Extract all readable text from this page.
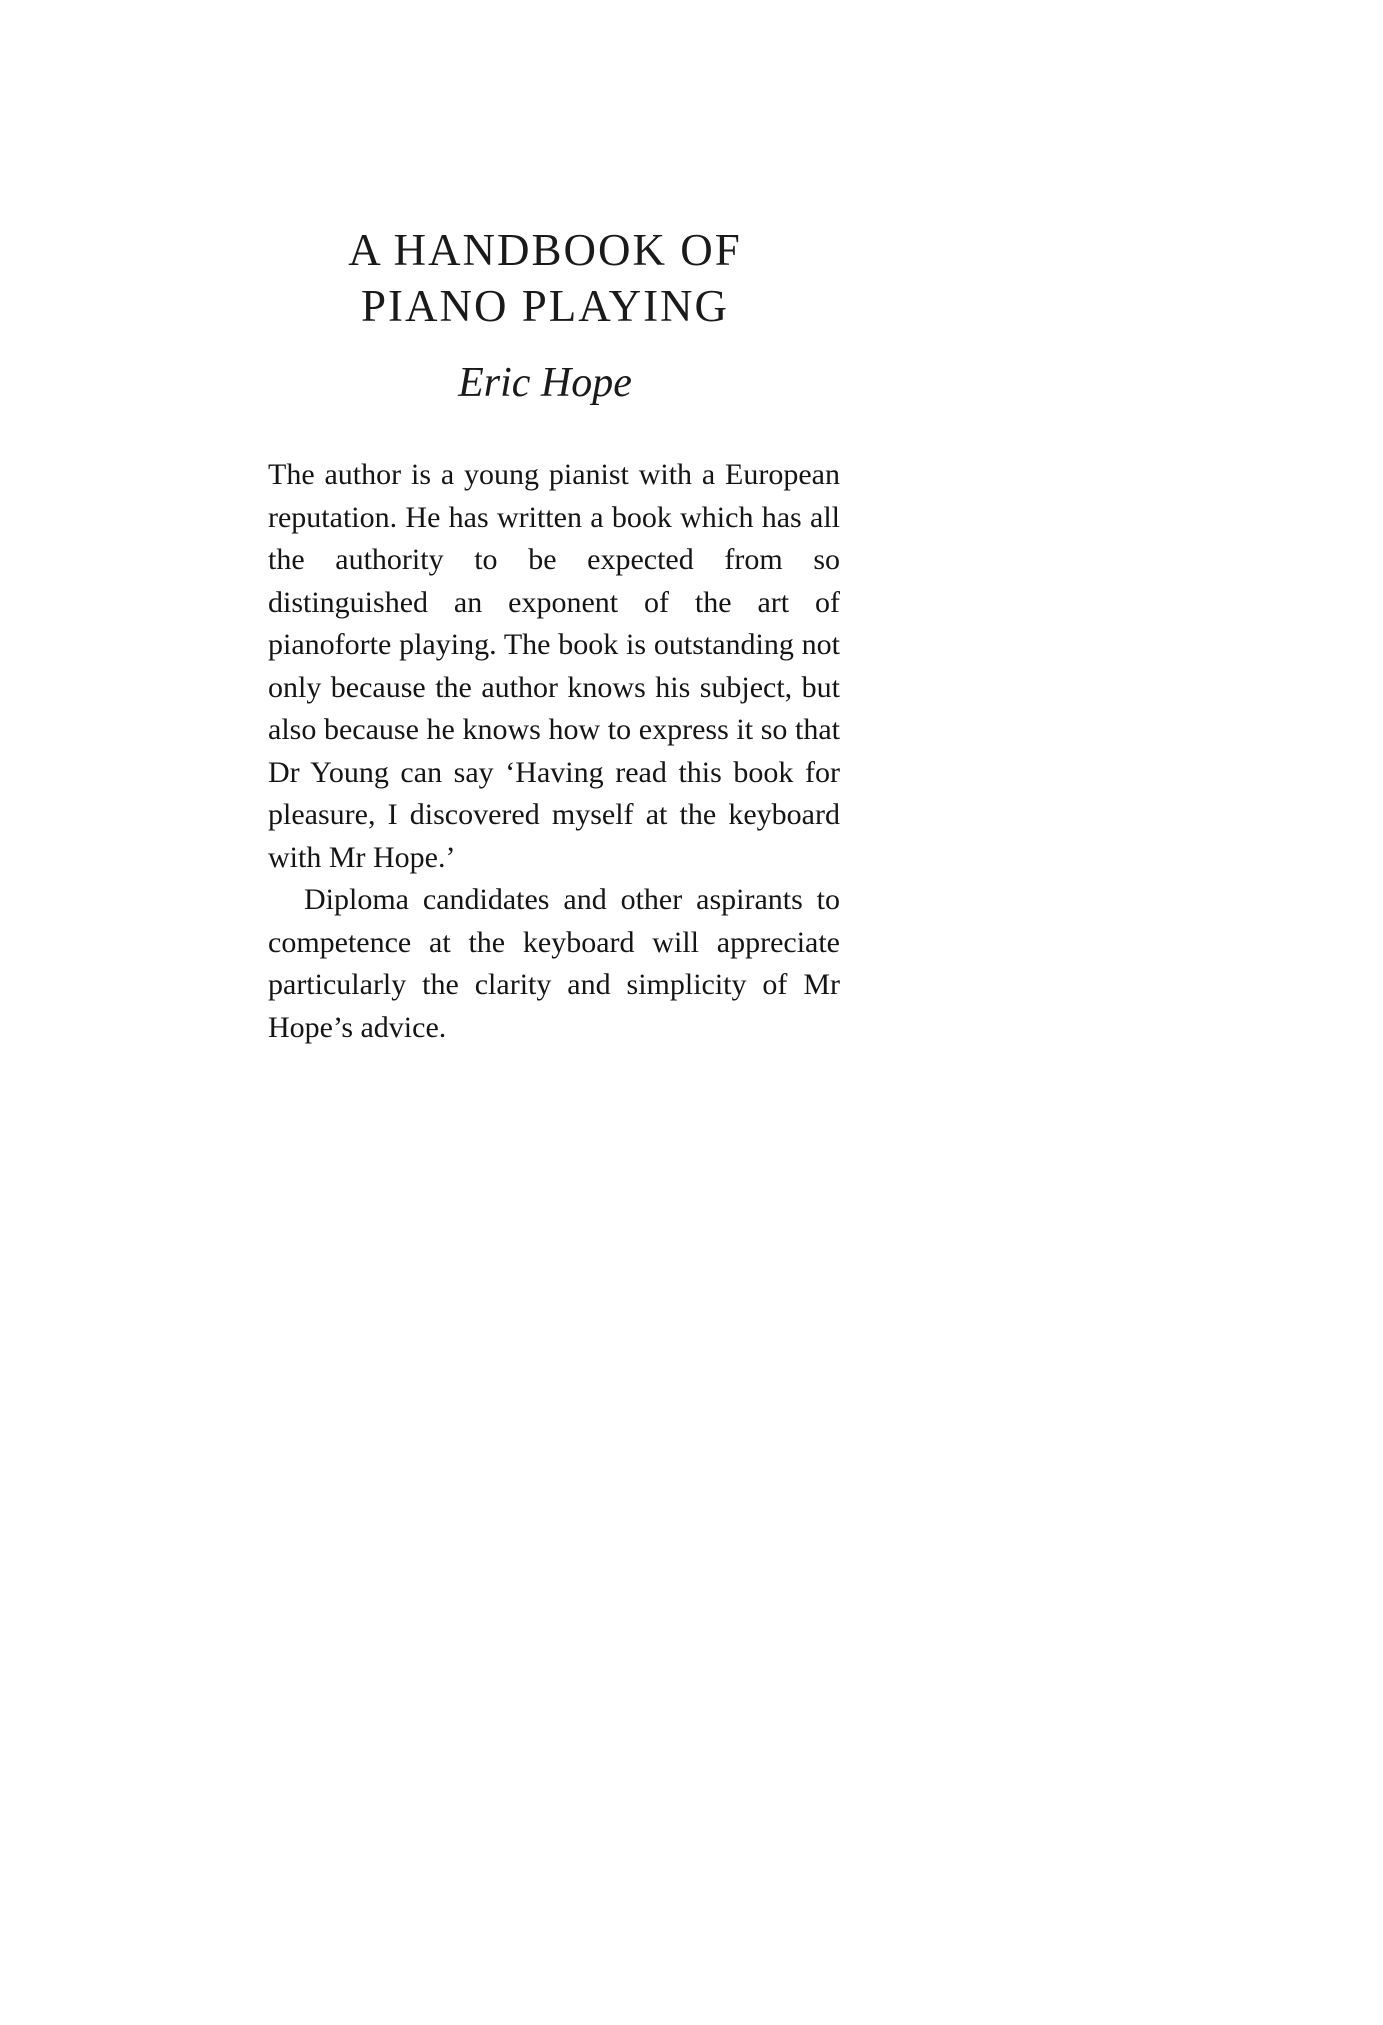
A HANDBOOK OF
PIANO PLAYING
Eric Hope

The author is a young pianist with a European reputation. He has written a book which has all the authority to be expected from so distinguished an exponent of the art of pianoforte playing. The book is outstanding not only because the author knows his subject, but also because he knows how to express it so that Dr Young can say ‘Having read this book for pleasure, I discovered myself at the keyboard with Mr Hope.’

Diploma candidates and other aspirants to competence at the keyboard will appreciate particularly the clarity and simplicity of Mr Hope’s advice.
